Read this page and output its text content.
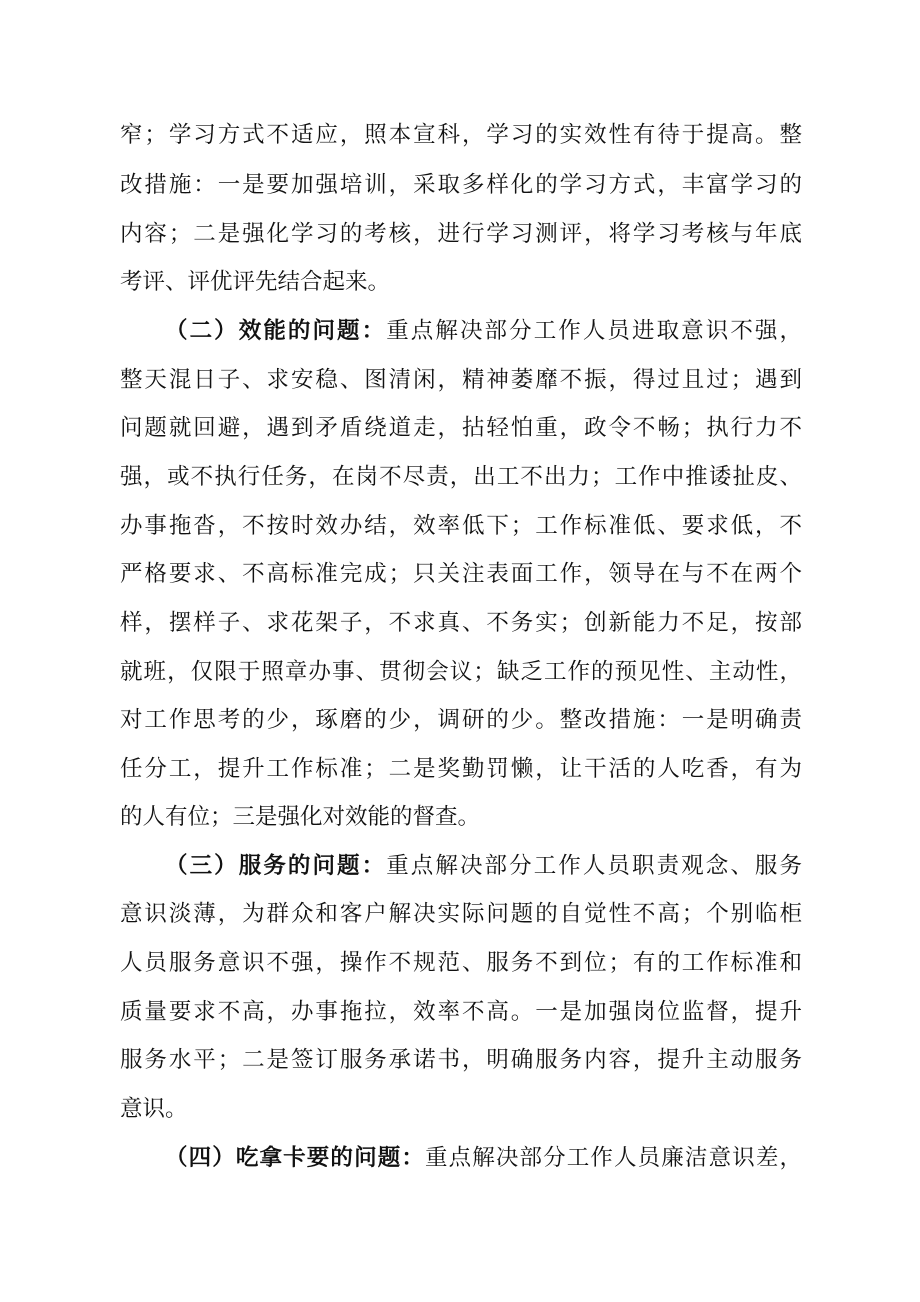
窄；学习方式不适应，照本宣科，学习的实效性有待于提高。整
改措施：一是要加强培训，采取多样化的学习方式，丰富学习的
内容；二是强化学习的考核，进行学习测评，将学习考核与年底
考评、评优评先结合起来。
（二）效能的问题：重点解决部分工作人员进取意识不强，
整天混日子、求安稳、图清闲，精神萎靡不振，得过且过；遇到
问题就回避，遇到矛盾绕道走，拈轻怕重，政令不畅；执行力不
强，或不执行任务，在岗不尽责，出工不出力；工作中推诿扯皮、
办事拖沓，不按时效办结，效率低下；工作标准低、要求低，不
严格要求、不高标准完成；只关注表面工作，领导在与不在两个
样，摆样子、求花架子，不求真、不务实；创新能力不足，按部
就班，仅限于照章办事、贯彻会议；缺乏工作的预见性、主动性，
对工作思考的少，琢磨的少，调研的少。整改措施：一是明确责
任分工，提升工作标准；二是奖勤罚懒，让干活的人吃香，有为
的人有位；三是强化对效能的督查。
（三）服务的问题：重点解决部分工作人员职责观念、服务
意识淡薄，为群众和客户解决实际问题的自觉性不高；个别临柜
人员服务意识不强，操作不规范、服务不到位；有的工作标准和
质量要求不高，办事拖拉，效率不高。一是加强岗位监督，提升
服务水平；二是签订服务承诺书，明确服务内容，提升主动服务
意识。
（四）吃拿卡要的问题：重点解决部分工作人员廉洁意识差，
